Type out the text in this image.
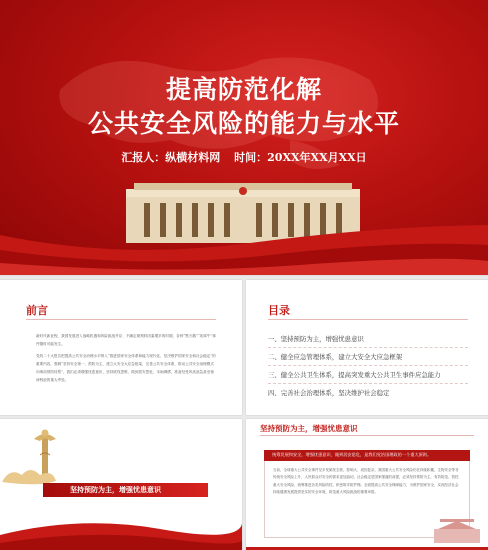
提高防范化解
公共安全风险的能力与水平
汇报人：纵横材料网 时间：20XX年XX月XX日
前言
新时代新征程，我国发展进入战略机遇和风险挑战并存、不确定难预料因素增多的时期，各种“黑天鹅”“灰犀牛”事件随时可能发生。
党的二十大报告把提高公共安全治理水平纳入“推进国家安全体系和能力现代化，坚决维护国家安全和社会稳定”的重要内容，强调“坚持安全第一、预防为主，建立大安全大应急框架，完善公共安全体系，推动公共安全治理模式向事前预防转型”，我们必须增强忧患意识，坚持底线思维，做到居安思危、未雨绸缪，准备经受风高浪急甚至惊涛骇浪的重大考验。
目录
一、坚持预防为主，增强忧患意识
二、健全应急管理体系，建立大安全大应急框架
三、健全公共卫生体系，提高突发重大公共卫生事件应急能力
四、完善社会治理体系，坚决维护社会稳定
坚持预防为主，增强忧患意识
坚持预防为主，增强忧患意识
统筹发展和安全，增强忧患意识，做到居安思危，是我们党治国理政的一个重大原则。
当前，全球重大公共安全事件呈多发频发态势，影响大、成因复杂，我国重大公共安全风险仍在持续积累，生物安全等非传统安全风险上升，人民群众对安全的需求更加迫切。社会稳定是国家强盛的前提，必须坚持预防为主、有效防范、管控重大安全风险，统筹推进各类风险防控，织密筑牢防护网。全面提高公共安全保障能力，为维护国家安全、实现经济社会持续健康发展提供坚实的安全环境，防范重大风险挑战的重要举措。
